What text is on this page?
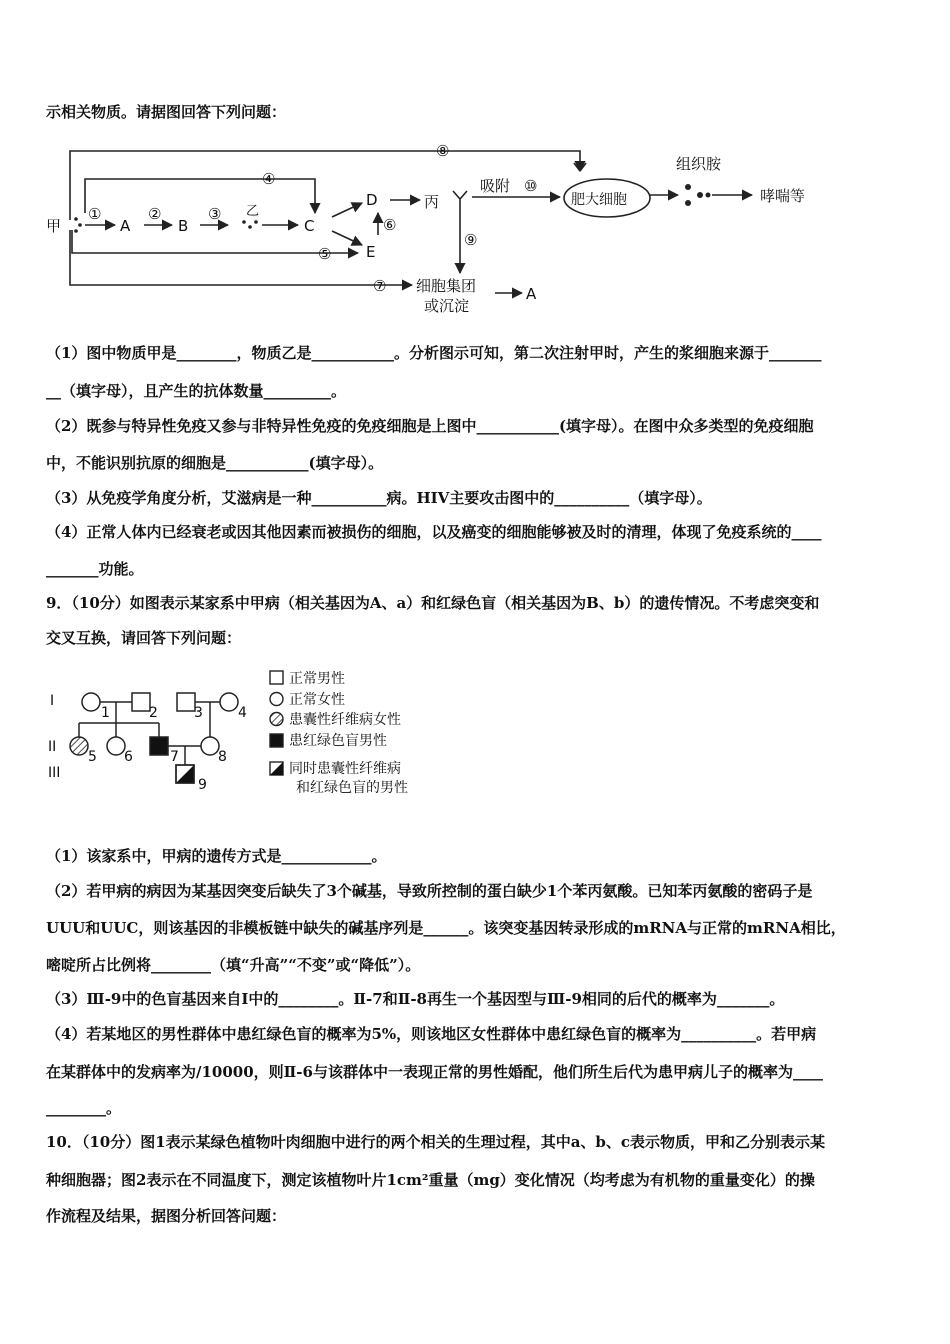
示相关物质。请据图回答下列问题：
甲	A	B
乙
C
D
E
丙
吸附
肥大细胞
组织胺
哮喘等
细胞集团
或沉淀
A
①	②	③
④
⑤
⑥
⑦
⑧
⑨
⑩
（1）图中物质甲是________，物质乙是___________。分析图示可知，第二次注射甲时，产生的浆细胞来源于_______
__（填字母），且产生的抗体数量_________。
（2）既参与特异性免疫又参与非特异性免疫的免疫细胞是上图中___________(填字母）。在图中众多类型的免疫细胞
中，不能识别抗原的细胞是___________(填字母）。
（3）从免疫学角度分析，艾滋病是一种__________病。HIV主要攻击图中的__________（填字母）。
（4）正常人体内已经衰老或因其他因素而被损伤的细胞，以及癌变的细胞能够被及时的清理，体现了免疫系统的____
_______功能。
9．（10分）如图表示某家系中甲病（相关基因为A、a）和红绿色盲（相关基因为B、b）的遗传情况。不考虑突变和
交叉互换，请回答下列问题：
I
II
III
1	2	3	4
5 6	7	8
9
正常男性
正常女性
患囊性纤维病女性
患红绿色盲男性
同时患囊性纤维病
和红绿色盲的男性
（1）该家系中，甲病的遗传方式是____________。
（2）若甲病的病因为某基因突变后缺失了3个碱基，导致所控制的蛋白缺少1个苯丙氨酸。已知苯丙氨酸的密码子是
UUU和UUC，则该基因的非模板链中缺失的碱基序列是______。该突变基因转录形成的mRNA与正常的mRNA相比，
嘧啶所占比例将________（填“升高”“不变”或“降低”）。
（3）Ⅲ-9中的色盲基因来自Ⅰ中的________。Ⅱ-7和Ⅱ-8再生一个基因型与Ⅲ-9相同的后代的概率为_______。
（4）若某地区的男性群体中患红绿色盲的概率为5%，则该地区女性群体中患红绿色盲的概率为__________。若甲病
在某群体中的发病率为/10000，则Ⅱ-6与该群体中一表现正常的男性婚配，他们所生后代为患甲病儿子的概率为____
________。
10．（10分）图1表示某绿色植物叶肉细胞中进行的两个相关的生理过程，其中a、b、c表示物质，甲和乙分别表示某
种细胞器；图2表示在不同温度下，测定该植物叶片1cm²重量（mg）变化情况（均考虑为有机物的重量变化）的操
作流程及结果，据图分析回答问题：
